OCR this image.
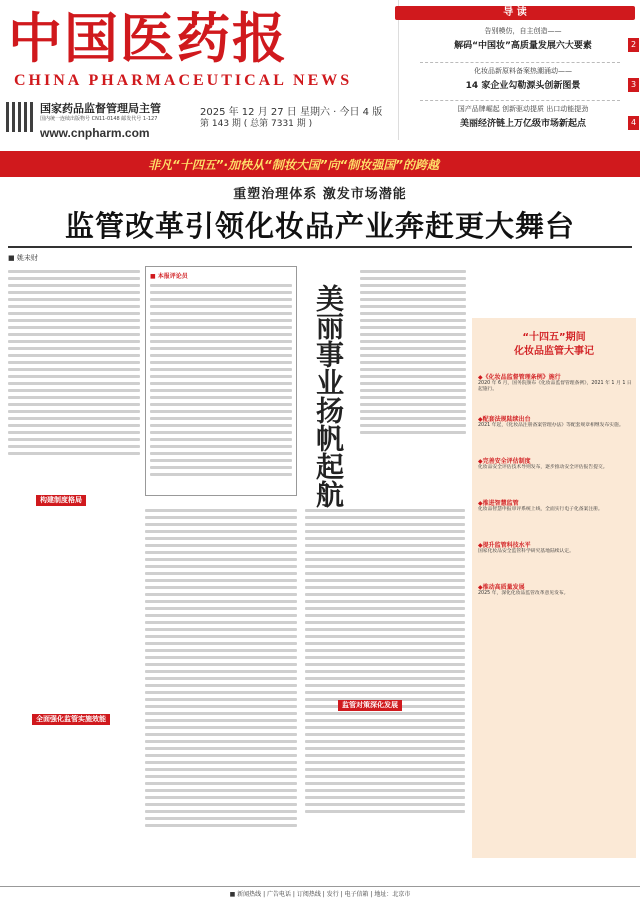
中国医药报
CHINA PHARMACEUTICAL NEWS
国家药品监督管理局主管
国内统一连续出版物号 CN11-0148 邮发代号 1-127
www.cnpharm.com
2025 年 12 月 27 日 星期六 · 今日 4 版
第 143 期 ( 总第 7331 期 )
导 读
告别模仿，自主创造——
解码“中国妆”高质量发展六大要素	2
化妆品新原料备案热潮涌动——
14 家企业勾勒源头创新图景	3
国产品牌崛起 创新驱动提质 出口动能提劲
美丽经济链上万亿级市场新起点	4
非凡“十四五”·加快从“制妆大国”向“制妆强国”的跨越
重塑治理体系 激发市场潜能
监管改革引领化妆品产业奔赶更大舞台
■ 姚未财
构建制度格局
全面强化监管实施效能
■ 本报评论员
美丽事业扬帆起航
监管对策深化发展
“十四五”期间
化妆品监管大事记
◆《化妆品监督管理条例》施行
2020 年 6 月，国务院颁布《化妆品监督管理条例》，2021 年 1 月 1 日起施行。
◆配套法规陆续出台
2021 年起，《化妆品注册备案管理办法》等配套规章相继发布实施。
◆完善安全评估制度
化妆品安全评估技术导则发布，逐步推动安全评估报告提交。
◆推进智慧监管
化妆品智慧申报审评系统上线，全面实行电子化备案注册。
◆提升监管科技水平
国家化妆品安全监管科学研究基地陆续认定。
◆推动高质量发展
2025 年，深化化妆品监管改革意见发布。
■ 新闻热线 | 广告电话 | 订阅热线 | 发行 | 电子信箱 | 地址：北京市
